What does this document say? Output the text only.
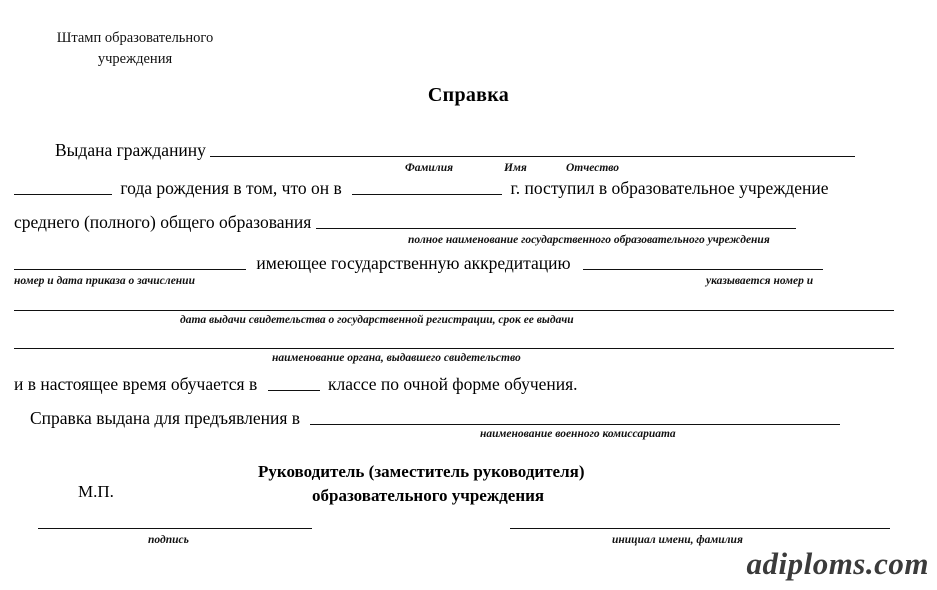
Штамп образовательного учреждения
Справка
Выдана гражданину
Фамилия	Имя	Отчество
года рождения в том, что он в	г. поступил в образовательное учреждение
среднего (полного) общего образования
полное наименование государственного образовательного учреждения
имеющее государственную аккредитацию
номер и дата приказа о зачислении	указывается номер и
дата выдачи свидетельства о государственной регистрации, срок ее выдачи
наименование органа, выдавшего свидетельство
и в настоящее время обучается в	классе по очной форме обучения.
Справка выдана для предъявления в
наименование военного комиссариата
М.П.
Руководитель (заместитель руководителя)
образовательного учреждения
подпись	инициал имени, фамилия
adiploms.com
